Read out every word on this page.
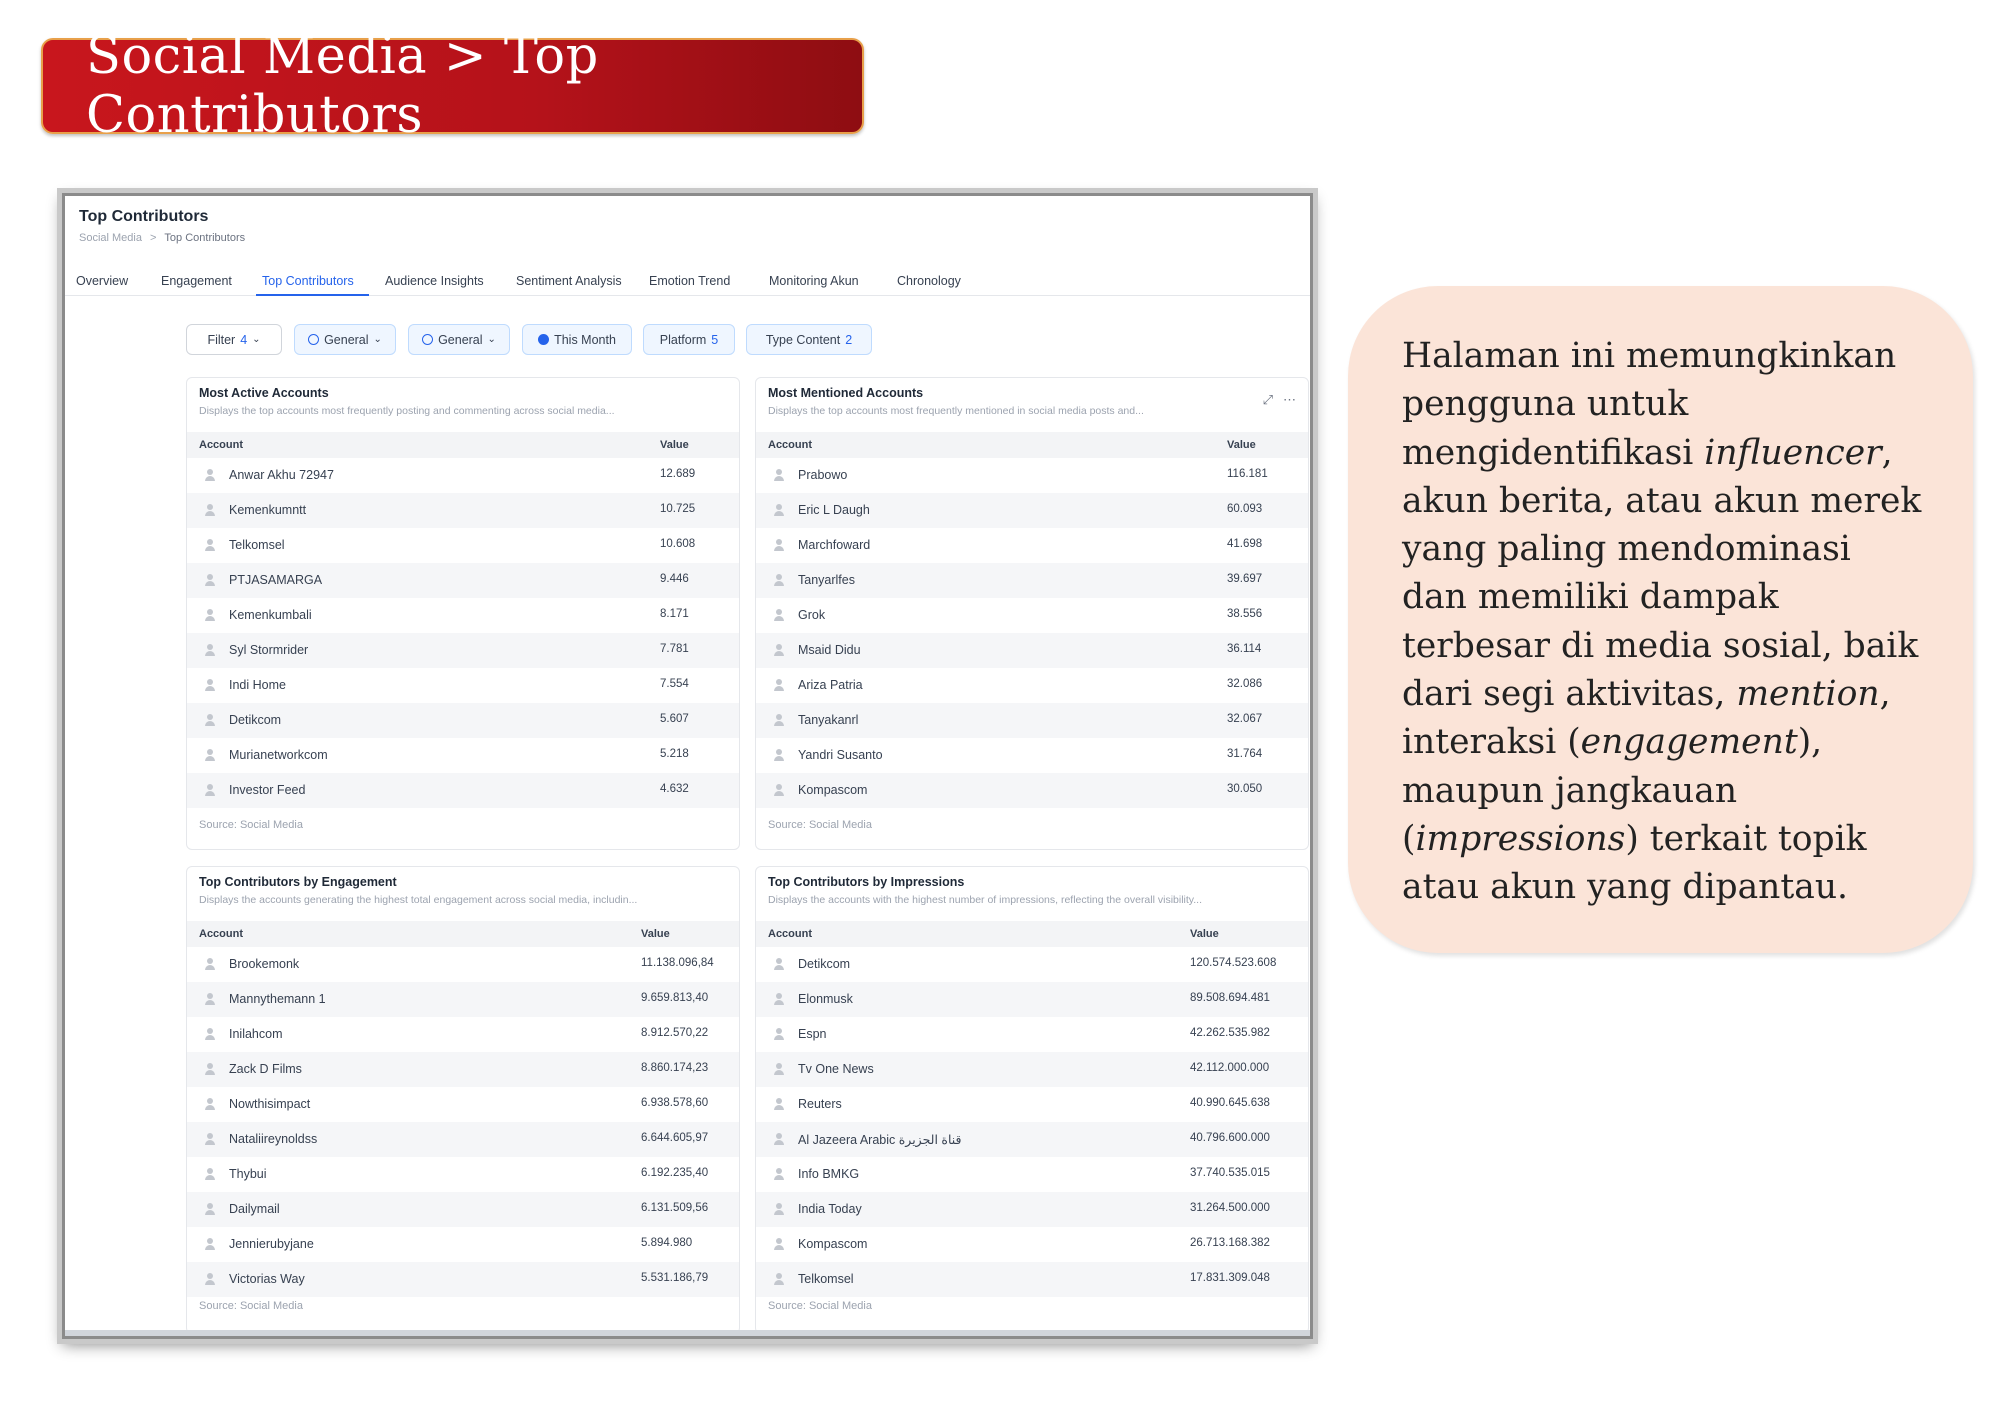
Social Media > Top Contributors
Top Contributors
Social Media > Top Contributors
Overview	Engagement Top Contributors	Audience Insights	Sentiment Analysis Emotion Trend	Monitoring Akun	Chronology
Filter 4 ⌄	General ⌄	General ⌄	This Month	Platform 5	Type Content 2
Most Active Accounts
Displays the top accounts most frequently posting and commenting across social media...
Account	Value
Anwar Akhu 72947	12.689
Kemenkumntt	10.725
Telkomsel	10.608
PTJASAMARGA	9.446
Kemenkumbali	8.171
Syl Stormrider	7.781
Indi Home	7.554
Detikcom	5.607
Murianetworkcom	5.218
Investor Feed	4.632
Source: Social Media
Most Mentioned Accounts
Displays the top accounts most frequently mentioned in social media posts and...
⤢ ⋯
Account	Value
Prabowo	116.181
Eric L Daugh	60.093
Marchfoward	41.698
Tanyarlfes	39.697
Grok	38.556
Msaid Didu	36.114
Ariza Patria	32.086
Tanyakanrl	32.067
Yandri Susanto	31.764
Kompascom	30.050
Source: Social Media
Top Contributors by Engagement
Displays the accounts generating the highest total engagement across social media, includin...
Account	Value
Brookemonk	11.138.096,84
Mannythemann 1	9.659.813,40
Inilahcom	8.912.570,22
Zack D Films	8.860.174,23
Nowthisimpact	6.938.578,60
Nataliireynoldss	6.644.605,97
Thybui	6.192.235,40
Dailymail	6.131.509,56
Jennierubyjane	5.894.980
Victorias Way	5.531.186,79
Source: Social Media
Top Contributors by Impressions
Displays the accounts with the highest number of impressions, reflecting the overall visibility...
Account	Value
Detikcom	120.574.523.608
Elonmusk	89.508.694.481
Espn	42.262.535.982
Tv One News	42.112.000.000
Reuters	40.990.645.638
Al Jazeera Arabic قناة الجزيرة	40.796.600.000
Info BMKG	37.740.535.015
India Today	31.264.500.000
Kompascom	26.713.168.382
Telkomsel	17.831.309.048
Source: Social Media

Halaman ini memungkinkan
pengguna untuk
mengidentifikasi influencer,
akun berita, atau akun merek
yang paling mendominasi
dan memiliki dampak
terbesar di media sosial, baik
dari segi aktivitas, mention,
interaksi (engagement),
maupun jangkauan
(impressions) terkait topik
atau akun yang dipantau.
